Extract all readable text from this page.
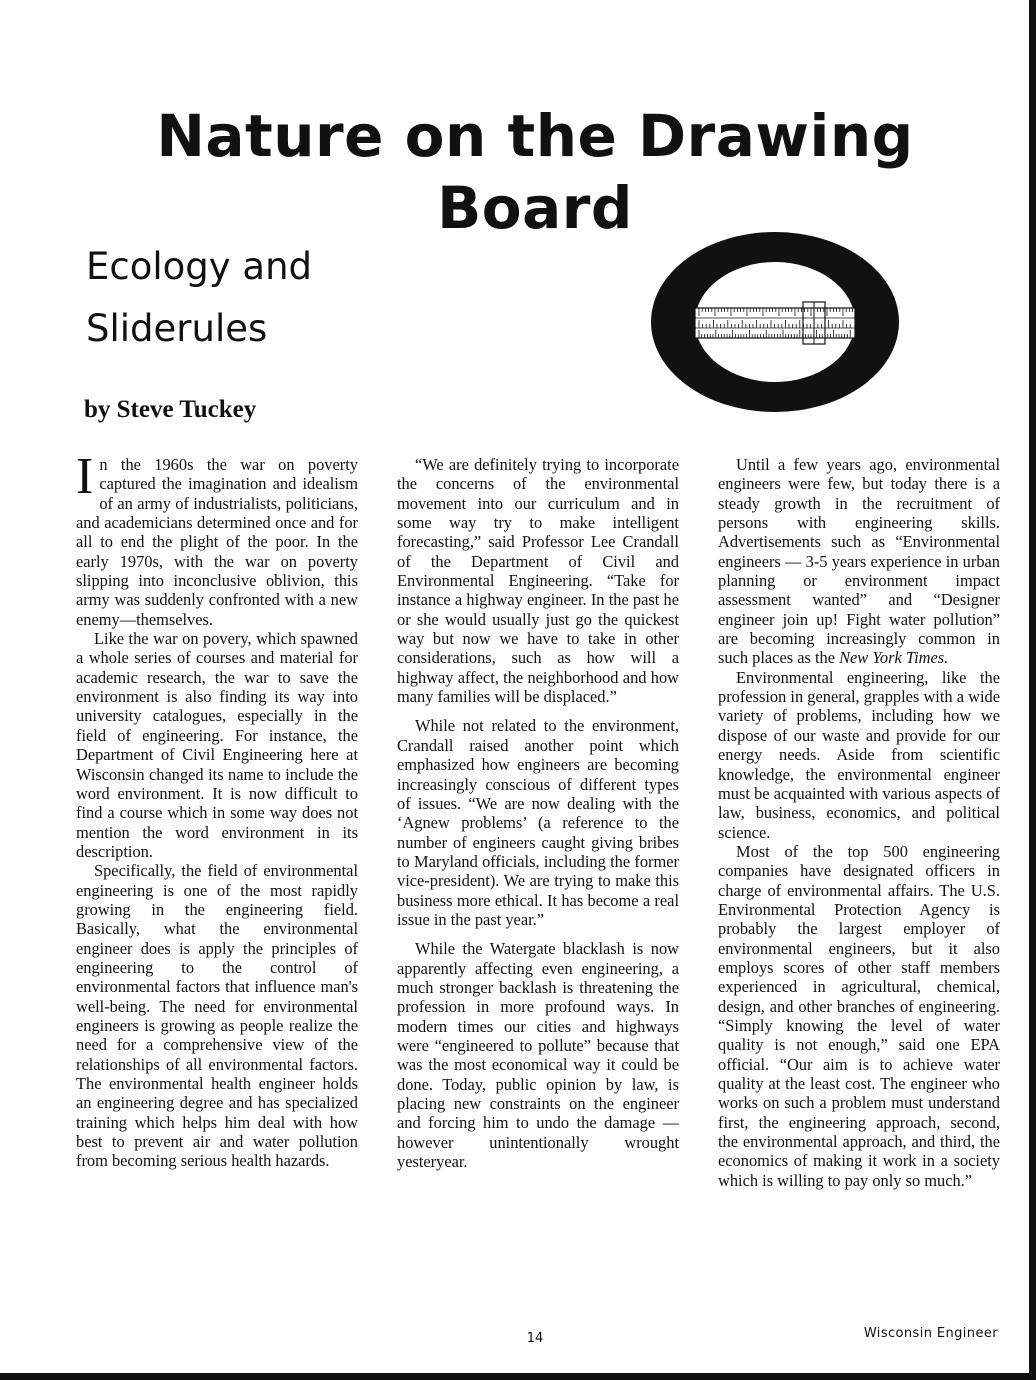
Nature on the Drawing Board
Ecology and
Sliderules
by Steve Tuckey

In the 1960s the war on poverty captured the imagination and idealism of an army of industrialists, politicians, and academicians determined once and for all to end the plight of the poor. In the early 1970s, with the war on poverty slipping into inconclusive oblivion, this army was suddenly confronted with a new enemy—themselves.

Like the war on povery, which spawned a whole series of courses and material for academic research, the war to save the environment is also finding its way into university catalogues, especially in the field of engineering. For instance, the Department of Civil Engineering here at Wisconsin changed its name to include the word environment. It is now difficult to find a course which in some way does not mention the word environment in its description.

Specifically, the field of environmental engineering is one of the most rapidly growing in the engineering field. Basically, what the environmental engineer does is apply the principles of engineering to the control of environmental factors that influence man's well-being. The need for environmental engineers is growing as people realize the need for a comprehensive view of the relationships of all environmental factors. The environmental health engineer holds an engineering degree and has specialized training which helps him deal with how best to prevent air and water pollution from becoming serious health hazards.

“We are definitely trying to incorporate the concerns of the environmental movement into our curriculum and in some way try to make intelligent forecasting,” said Professor Lee Crandall of the Department of Civil and Environmental Engineering. “Take for instance a highway engineer. In the past he or she would usually just go the quickest way but now we have to take in other considerations, such as how will a highway affect, the neighborhood and how many families will be displaced.”

While not related to the environment, Crandall raised another point which emphasized how engineers are becoming increasingly conscious of different types of issues. “We are now dealing with the ‘Agnew problems’ (a reference to the number of engineers caught giving bribes to Maryland officials, including the former vice-president). We are trying to make this business more ethical. It has become a real issue in the past year.”

While the Watergate blacklash is now apparently affecting even engineering, a much stronger backlash is threatening the profession in more profound ways. In modern times our cities and highways were “engineered to pollute” because that was the most economical way it could be done. Today, public opinion by law, is placing new constraints on the engineer and forcing him to undo the damage — however unintentionally wrought yesteryear.

Until a few years ago, environmental engineers were few, but today there is a steady growth in the recruitment of persons with engineering skills. Advertisements such as “Environmental engineers — 3-5 years experience in urban planning or environment impact assessment wanted” and “Designer engineer join up! Fight water pollution” are becoming increasingly common in such places as the New York Times.

Environmental engineering, like the profession in general, grapples with a wide variety of problems, including how we dispose of our waste and provide for our energy needs. Aside from scientific knowledge, the environmental engineer must be acquainted with various aspects of law, business, economics, and political science.

Most of the top 500 engineering companies have designated officers in charge of environmental affairs. The U.S. Environmental Protection Agency is probably the largest employer of environmental engineers, but it also employs scores of other staff members experienced in agricultural, chemical, design, and other branches of engineering. “Simply knowing the level of water quality is not enough,” said one EPA official. “Our aim is to achieve water quality at the least cost. The engineer who works on such a problem must understand first, the engineering approach, second, the environmental approach, and third, the economics of making it work in a society which is willing to pay only so much.”

14	Wisconsin Engineer
